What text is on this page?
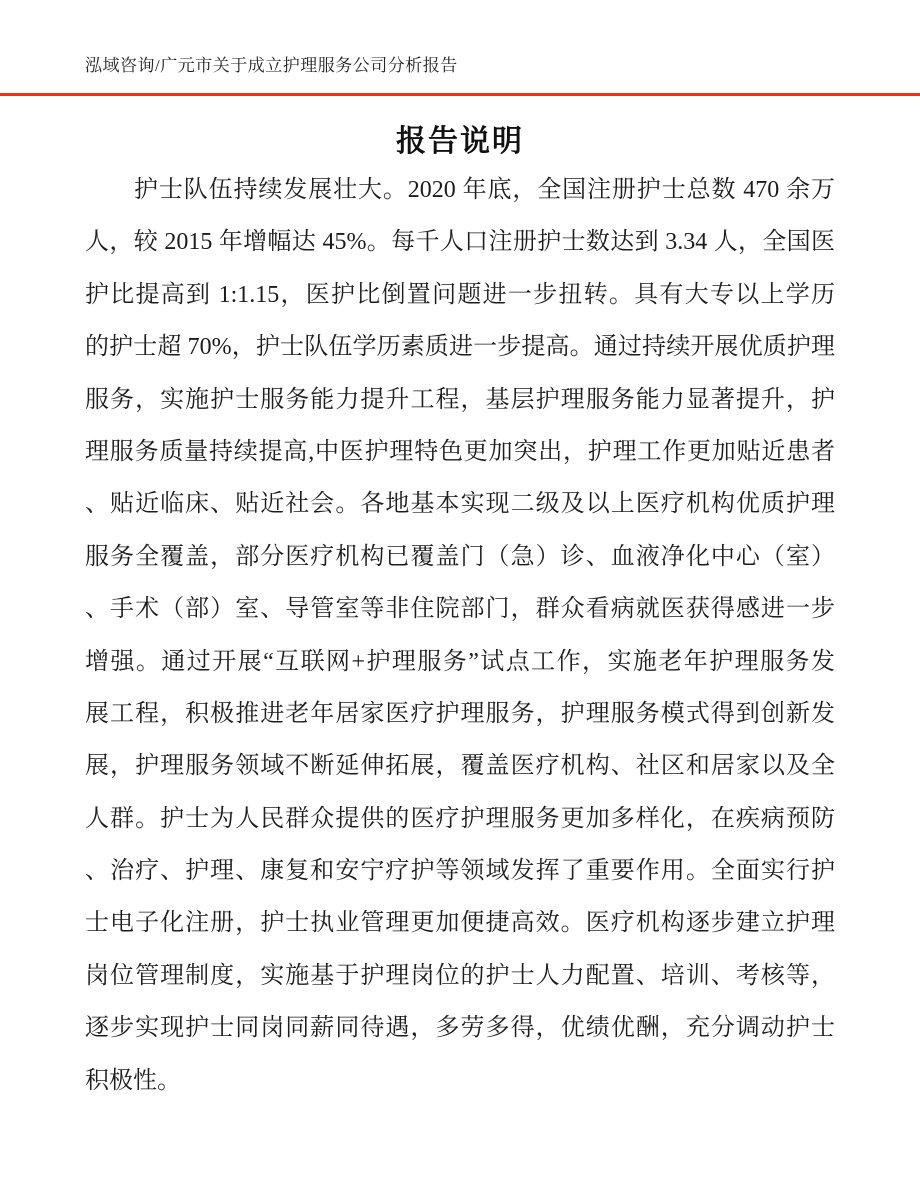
泓域咨询/广元市关于成立护理服务公司分析报告
报告说明
护士队伍持续发展壮大。2020 年底，全国注册护士总数 470 余万
人，较 2015 年增幅达 45%。每千人口注册护士数达到 3.34 人，全国医
护比提高到 1:1.15，医护比倒置问题进一步扭转。具有大专以上学历
的护士超 70%，护士队伍学历素质进一步提高。通过持续开展优质护理
服务，实施护士服务能力提升工程，基层护理服务能力显著提升，护
理服务质量持续提高,中医护理特色更加突出，护理工作更加贴近患者
、贴近临床、贴近社会。各地基本实现二级及以上医疗机构优质护理
服务全覆盖，部分医疗机构已覆盖门（急）诊、血液净化中心（室）
、手术（部）室、导管室等非住院部门，群众看病就医获得感进一步
增强。通过开展“互联网+护理服务”试点工作，实施老年护理服务发
展工程，积极推进老年居家医疗护理服务，护理服务模式得到创新发
展，护理服务领域不断延伸拓展，覆盖医疗机构、社区和居家以及全
人群。护士为人民群众提供的医疗护理服务更加多样化，在疾病预防
、治疗、护理、康复和安宁疗护等领域发挥了重要作用。全面实行护
士电子化注册，护士执业管理更加便捷高效。医疗机构逐步建立护理
岗位管理制度，实施基于护理岗位的护士人力配置、培训、考核等，
逐步实现护士同岗同薪同待遇，多劳多得，优绩优酬，充分调动护士
积极性。
